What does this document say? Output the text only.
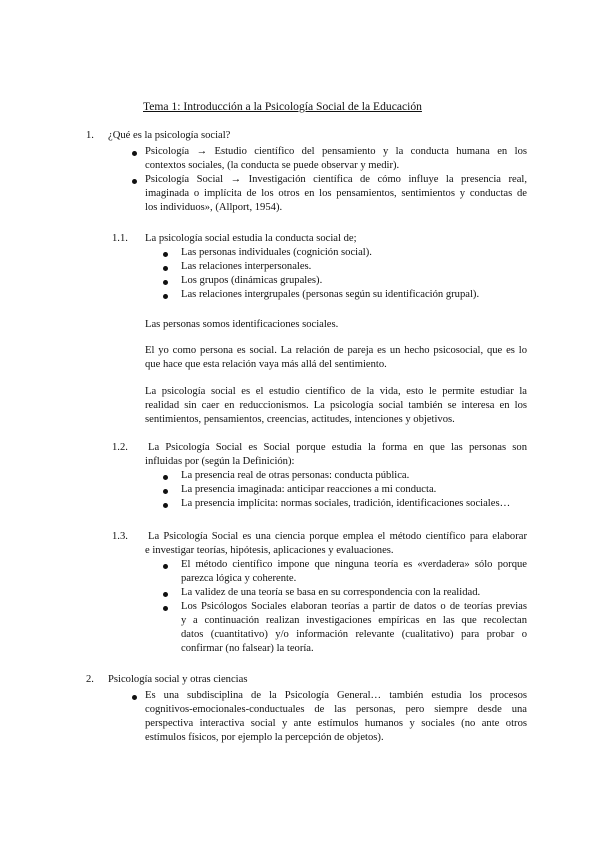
Tema 1: Introducción a la Psicología Social de la Educación
1. ¿Qué es la psicología social?
Psicología → Estudio científico del pensamiento y la conducta humana en los
contextos sociales, (la conducta se puede observar y medir).
Psicología Social → Investigación científica de cómo influye la presencia real,
imaginada o implícita de los otros en los pensamientos, sentimientos y conductas de
los individuos», (Allport, 1954).
1.1. La psicología social estudia la conducta social de;
Las personas individuales (cognición social).
Las relaciones interpersonales.
Los grupos (dinámicas grupales).
Las relaciones intergrupales (personas según su identificación grupal).
Las personas somos identificaciones sociales.
El yo como persona es social. La relación de pareja es un hecho psicosocial, que es lo
que hace que esta relación vaya más allá del sentimiento.
La psicología social es el estudio científico de la vida, esto le permite estudiar la
realidad sin caer en reduccionismos. La psicología social también se interesa en los
sentimientos, pensamientos, creencias, actitudes, intenciones y objetivos.
1.2. La Psicología Social es Social porque estudia la forma en que las personas son
influidas por (según la Definición):
La presencia real de otras personas: conducta pública.
La presencia imaginada: anticipar reacciones a mi conducta.
La presencia implícita: normas sociales, tradición, identificaciones sociales…
1.3. La Psicología Social es una ciencia porque emplea el método científico para elaborar
e investigar teorías, hipótesis, aplicaciones y evaluaciones.
El método científico impone que ninguna teoría es «verdadera» sólo porque
parezca lógica y coherente.
La validez de una teoría se basa en su correspondencia con la realidad.
Los Psicólogos Sociales elaboran teorías a partir de datos o de teorías previas
y a continuación realizan investigaciones empíricas en las que recolectan
datos (cuantitativo) y/o información relevante (cualitativo) para probar o
confirmar (no falsear) la teoría.
2. Psicología social y otras ciencias
Es una subdisciplina de la Psicología General… también estudia los procesos
cognitivos-emocionales-conductuales de las personas, pero siempre desde una
perspectiva interactiva social y ante estímulos humanos y sociales (no ante otros
estímulos físicos, por ejemplo la percepción de objetos).
